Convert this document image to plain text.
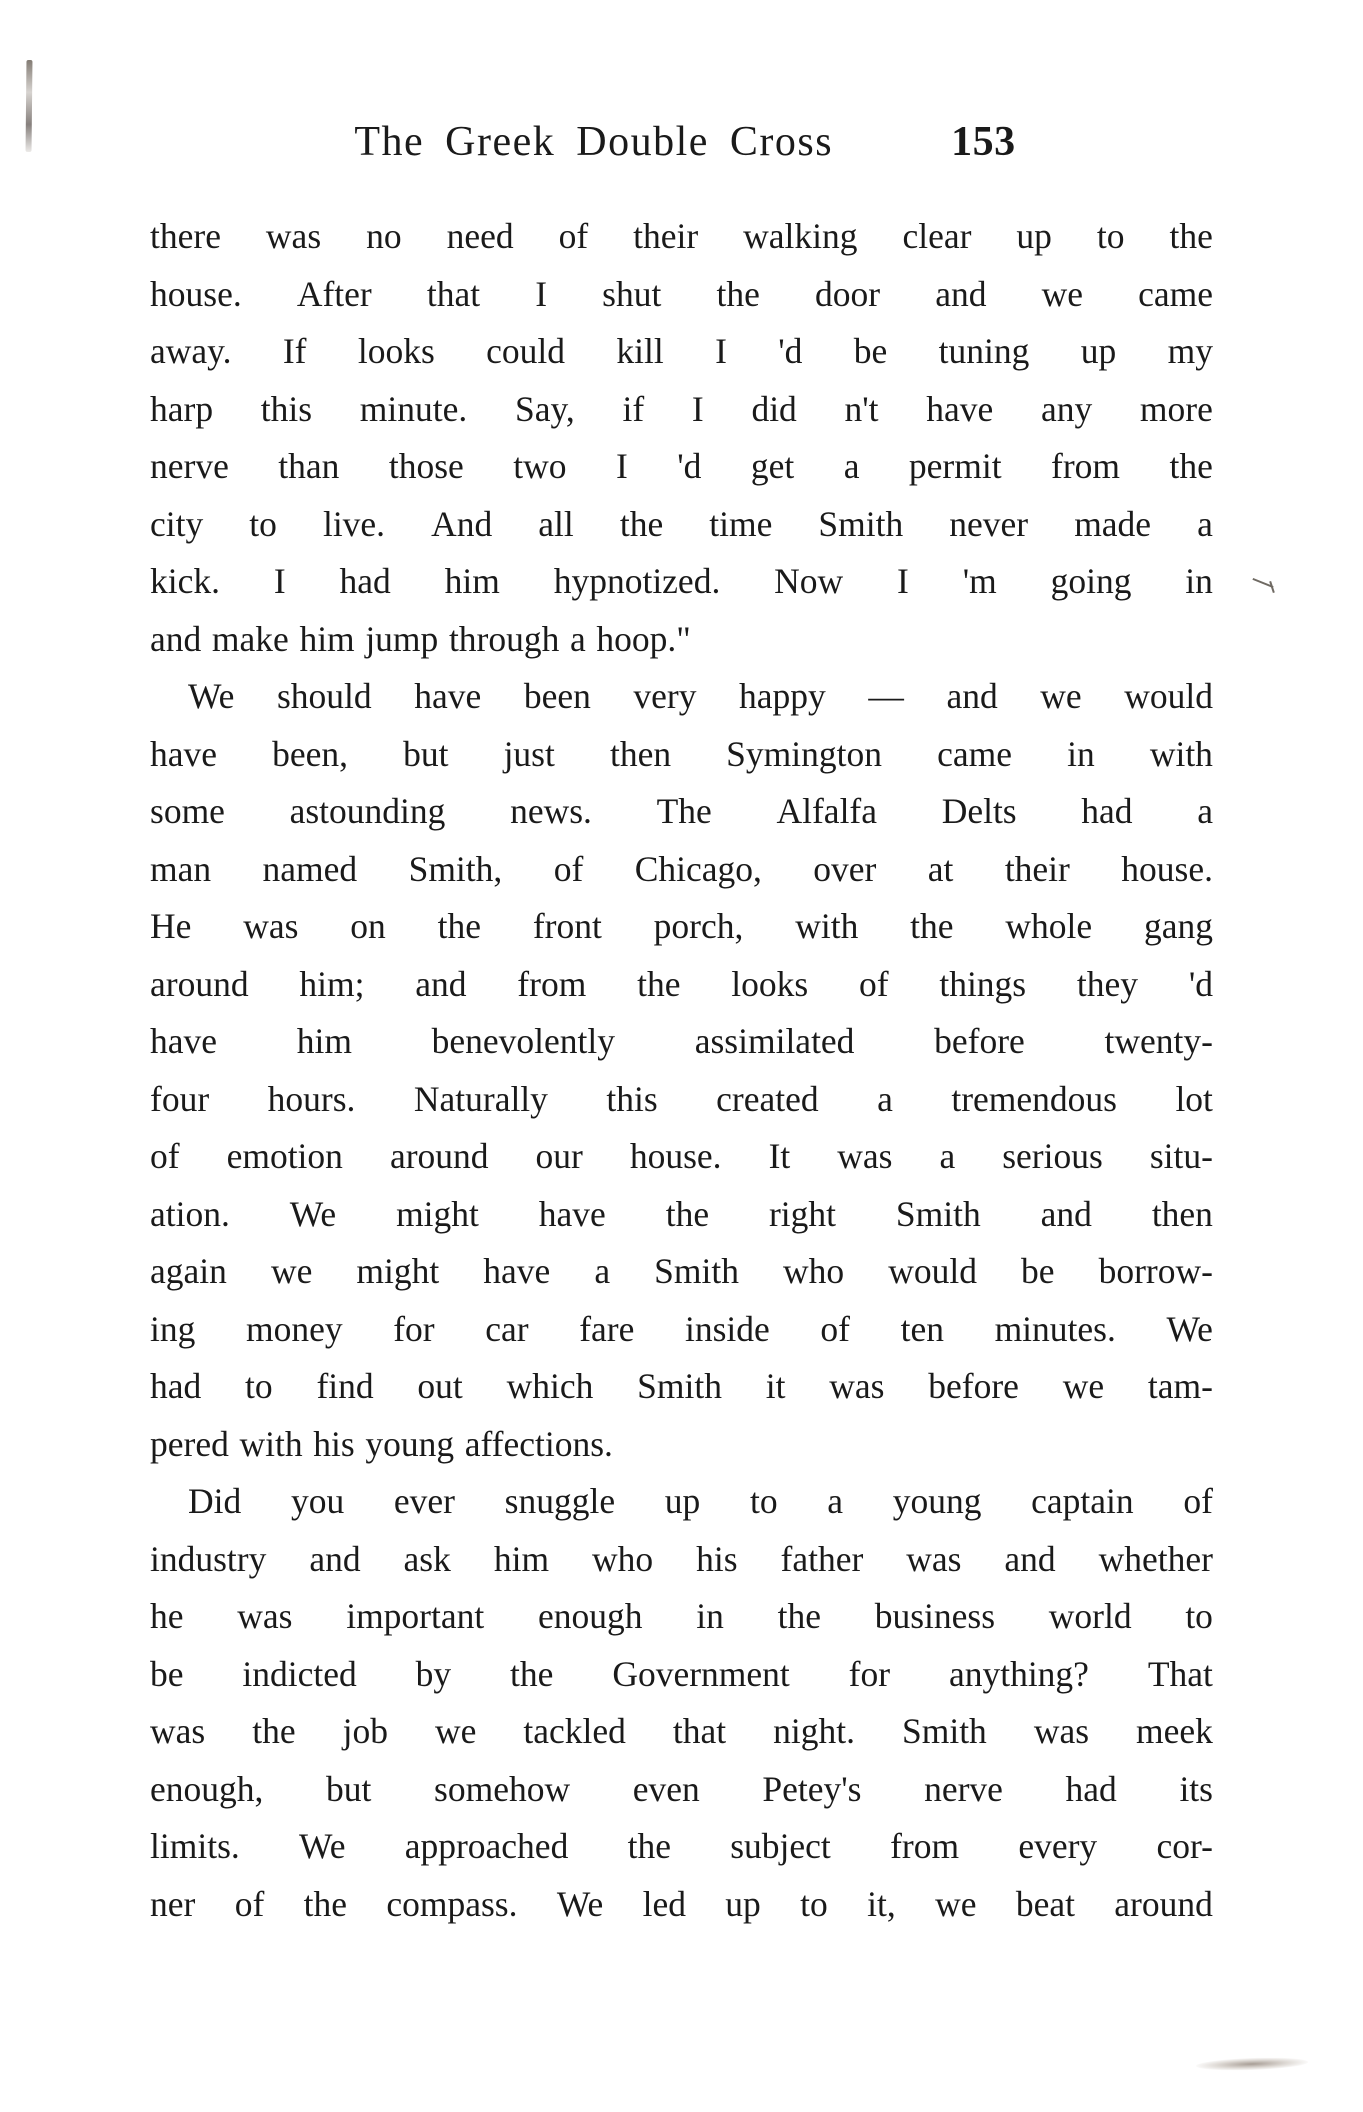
The Greek Double Cross	153
there was no need of their walking clear up to the
house. After that I shut the door and we came
away. If looks could kill I 'd be tuning up my
harp this minute. Say, if I did n't have any more
nerve than those two I 'd get a permit from the
city to live. And all the time Smith never made a
kick. I had him hypnotized. Now I 'm going in
and make him jump through a hoop."
We should have been very happy — and we would
have been, but just then Symington came in with
some astounding news. The Alfalfa Delts had a
man named Smith, of Chicago, over at their house.
He was on the front porch, with the whole gang
around him; and from the looks of things they 'd
have him benevolently assimilated before twenty-
four hours. Naturally this created a tremendous lot
of emotion around our house. It was a serious situ-
ation. We might have the right Smith and then
again we might have a Smith who would be borrow-
ing money for car fare inside of ten minutes. We
had to find out which Smith it was before we tam-
pered with his young affections.
Did you ever snuggle up to a young captain of
industry and ask him who his father was and whether
he was important enough in the business world to
be indicted by the Government for anything? That
was the job we tackled that night. Smith was meek
enough, but somehow even Petey's nerve had its
limits. We approached the subject from every cor-
ner of the compass. We led up to it, we beat around
